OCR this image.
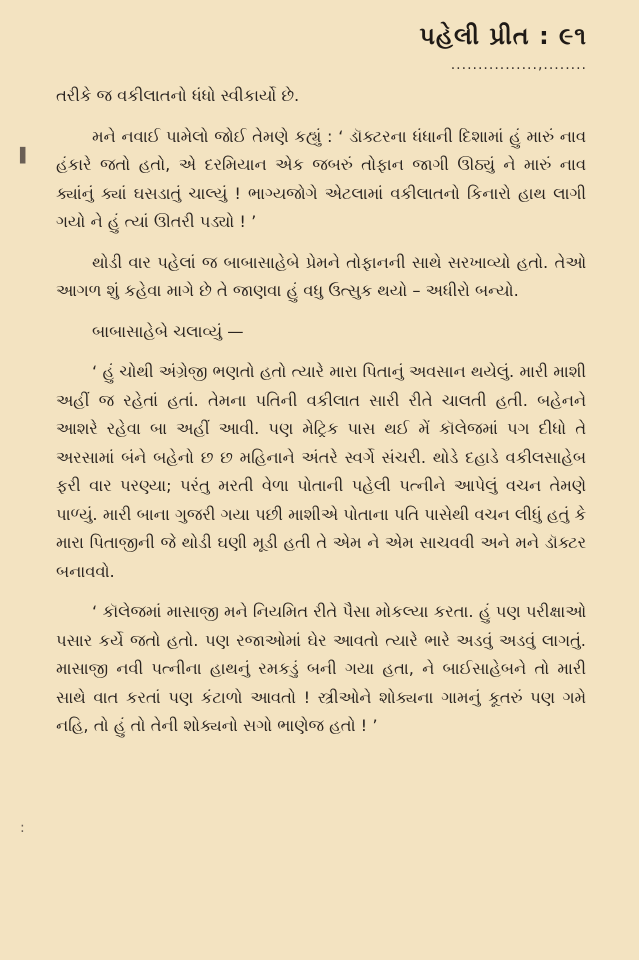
પહેલી પ્રીત : ૯૧
................,........
▌
:

તરીકે જ વકીલાતનો ધંધો સ્વીકાર્યો છે.

મને નવાઈ પામેલો જોઈ તેમણે કહ્યું : ‘ ડૉક્ટરના ધંધાની દિશામાં હું મારું નાવ હંકારે જતો હતો, એ દરમિયાન એક જબરું તોફાન જાગી ઊઠ્યું ને મારું નાવ ક્યાંનું ક્યાં ઘસડાતું ચાલ્યું ! ભાગ્યજોગે એટલામાં વકીલાતનો કિનારો હાથ લાગી ગયો ને હું ત્યાં ઊતરી પડ્યો ! ’

થોડી વાર પહેલાં જ બાબાસાહેબે પ્રેમને તોફાનની સાથે સરખાવ્યો હતો. તેઓ આગળ શું કહેવા માગે છે તે જાણવા હું વધુ ઉત્સુક થયો – અધીરો બન્યો.

બાબાસાહેબે ચલાવ્યું —

‘ હું ચોથી અંગ્રેજી ભણતો હતો ત્યારે મારા પિતાનું અવસાન થયેલું. મારી માશી અહીં જ રહેતાં હતાં. તેમના પતિની વકીલાત સારી રીતે ચાલતી હતી. બહેનને આશરે રહેવા બા અહીં આવી. પણ મેટ્રિક પાસ થઈ મેં કૉલેજમાં પગ દીધો તે અરસામાં બંને બહેનો છ છ મહિનાને અંતરે સ્વર્ગે સંચરી. થોડે દહાડે વકીલસાહેબ ફરી વાર પરણ્યા; પરંતુ મરતી વેળા પોતાની પહેલી પત્નીને આપેલું વચન તેમણે પાળ્યું. મારી બાના ગુજરી ગયા પછી માશીએ પોતાના પતિ પાસેથી વચન લીધું હતું કે મારા પિતાજીની જે થોડી ઘણી મૂડી હતી તે એમ ને એમ સાચવવી અને મને ડૉક્ટર બનાવવો.

‘ કૉલેજમાં માસાજી મને નિયમિત રીતે પૈસા મોકલ્યા કરતા. હું પણ પરીક્ષાઓ પસાર કર્યે જતો હતો. પણ રજાઓમાં ઘેર આવતો ત્યારે ભારે અડવું અડવું લાગતું. માસાજી નવી પત્નીના હાથનું રમકડું બની ગયા હતા, ને બાઈસાહેબને તો મારી સાથે વાત કરતાં પણ કંટાળો આવતો ! સ્ત્રીઓને શોક્યના ગામનું કૂતરું પણ ગમે નહિ, તો હું તો તેની શોક્યનો સગો ભાણેજ હતો ! ’
